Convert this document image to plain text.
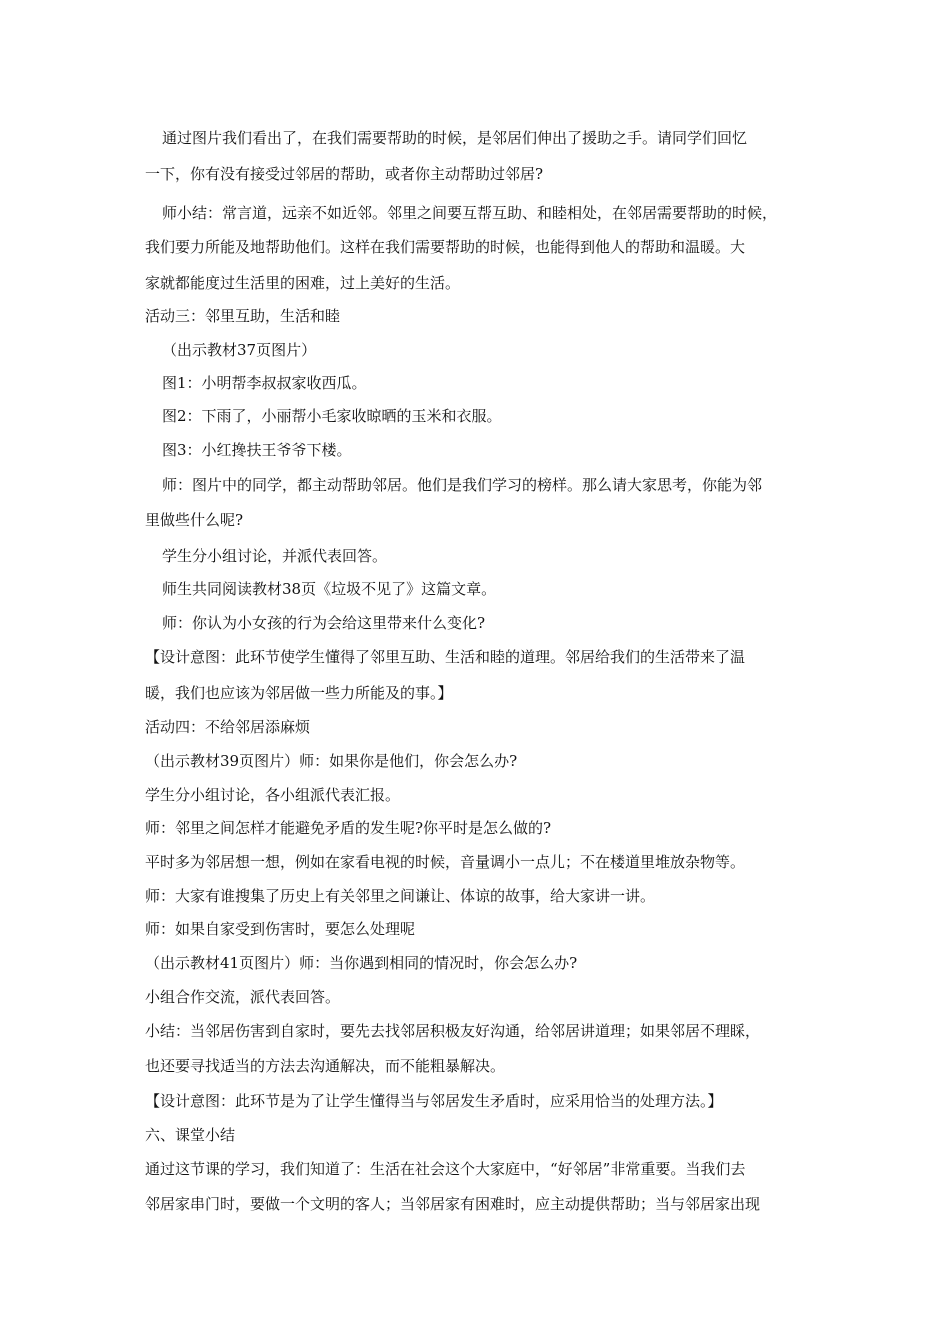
通过图片我们看出了，在我们需要帮助的时候，是邻居们伸出了援助之手。请同学们回忆
一下，你有没有接受过邻居的帮助，或者你主动帮助过邻居?
师小结：常言道，远亲不如近邻。邻里之间要互帮互助、和睦相处，在邻居需要帮助的时候，
我们要力所能及地帮助他们。这样在我们需要帮助的时候，也能得到他人的帮助和温暖。大
家就都能度过生活里的困难，过上美好的生活。
活动三：邻里互助，生活和睦
（出示教材37页图片）
图1：小明帮李叔叔家收西瓜。
图2：下雨了，小丽帮小毛家收晾晒的玉米和衣服。
图3：小红搀扶王爷爷下楼。
师：图片中的同学，都主动帮助邻居。他们是我们学习的榜样。那么请大家思考，你能为邻
里做些什么呢?
学生分小组讨论，并派代表回答。
师生共同阅读教材38页《垃圾不见了》这篇文章。
师：你认为小女孩的行为会给这里带来什么变化?
【设计意图：此环节使学生懂得了邻里互助、生活和睦的道理。邻居给我们的生活带来了温
暖，我们也应该为邻居做一些力所能及的事。】
活动四：不给邻居添麻烦
（出示教材39页图片）师：如果你是他们，你会怎么办?
学生分小组讨论，各小组派代表汇报。
师：邻里之间怎样才能避免矛盾的发生呢?你平时是怎么做的?
平时多为邻居想一想，例如在家看电视的时候，音量调小一点儿；不在楼道里堆放杂物等。
师：大家有谁搜集了历史上有关邻里之间谦让、体谅的故事，给大家讲一讲。
师：如果自家受到伤害时，要怎么处理呢
（出示教材41页图片）师：当你遇到相同的情况时，你会怎么办?
小组合作交流，派代表回答。
小结：当邻居伤害到自家时，要先去找邻居积极友好沟通，给邻居讲道理；如果邻居不理睬，
也还要寻找适当的方法去沟通解决，而不能粗暴解决。
【设计意图：此环节是为了让学生懂得当与邻居发生矛盾时，应采用恰当的处理方法。】
六、课堂小结
通过这节课的学习，我们知道了：生活在社会这个大家庭中，“好邻居”非常重要。当我们去
邻居家串门时，要做一个文明的客人；当邻居家有困难时，应主动提供帮助；当与邻居家出现
